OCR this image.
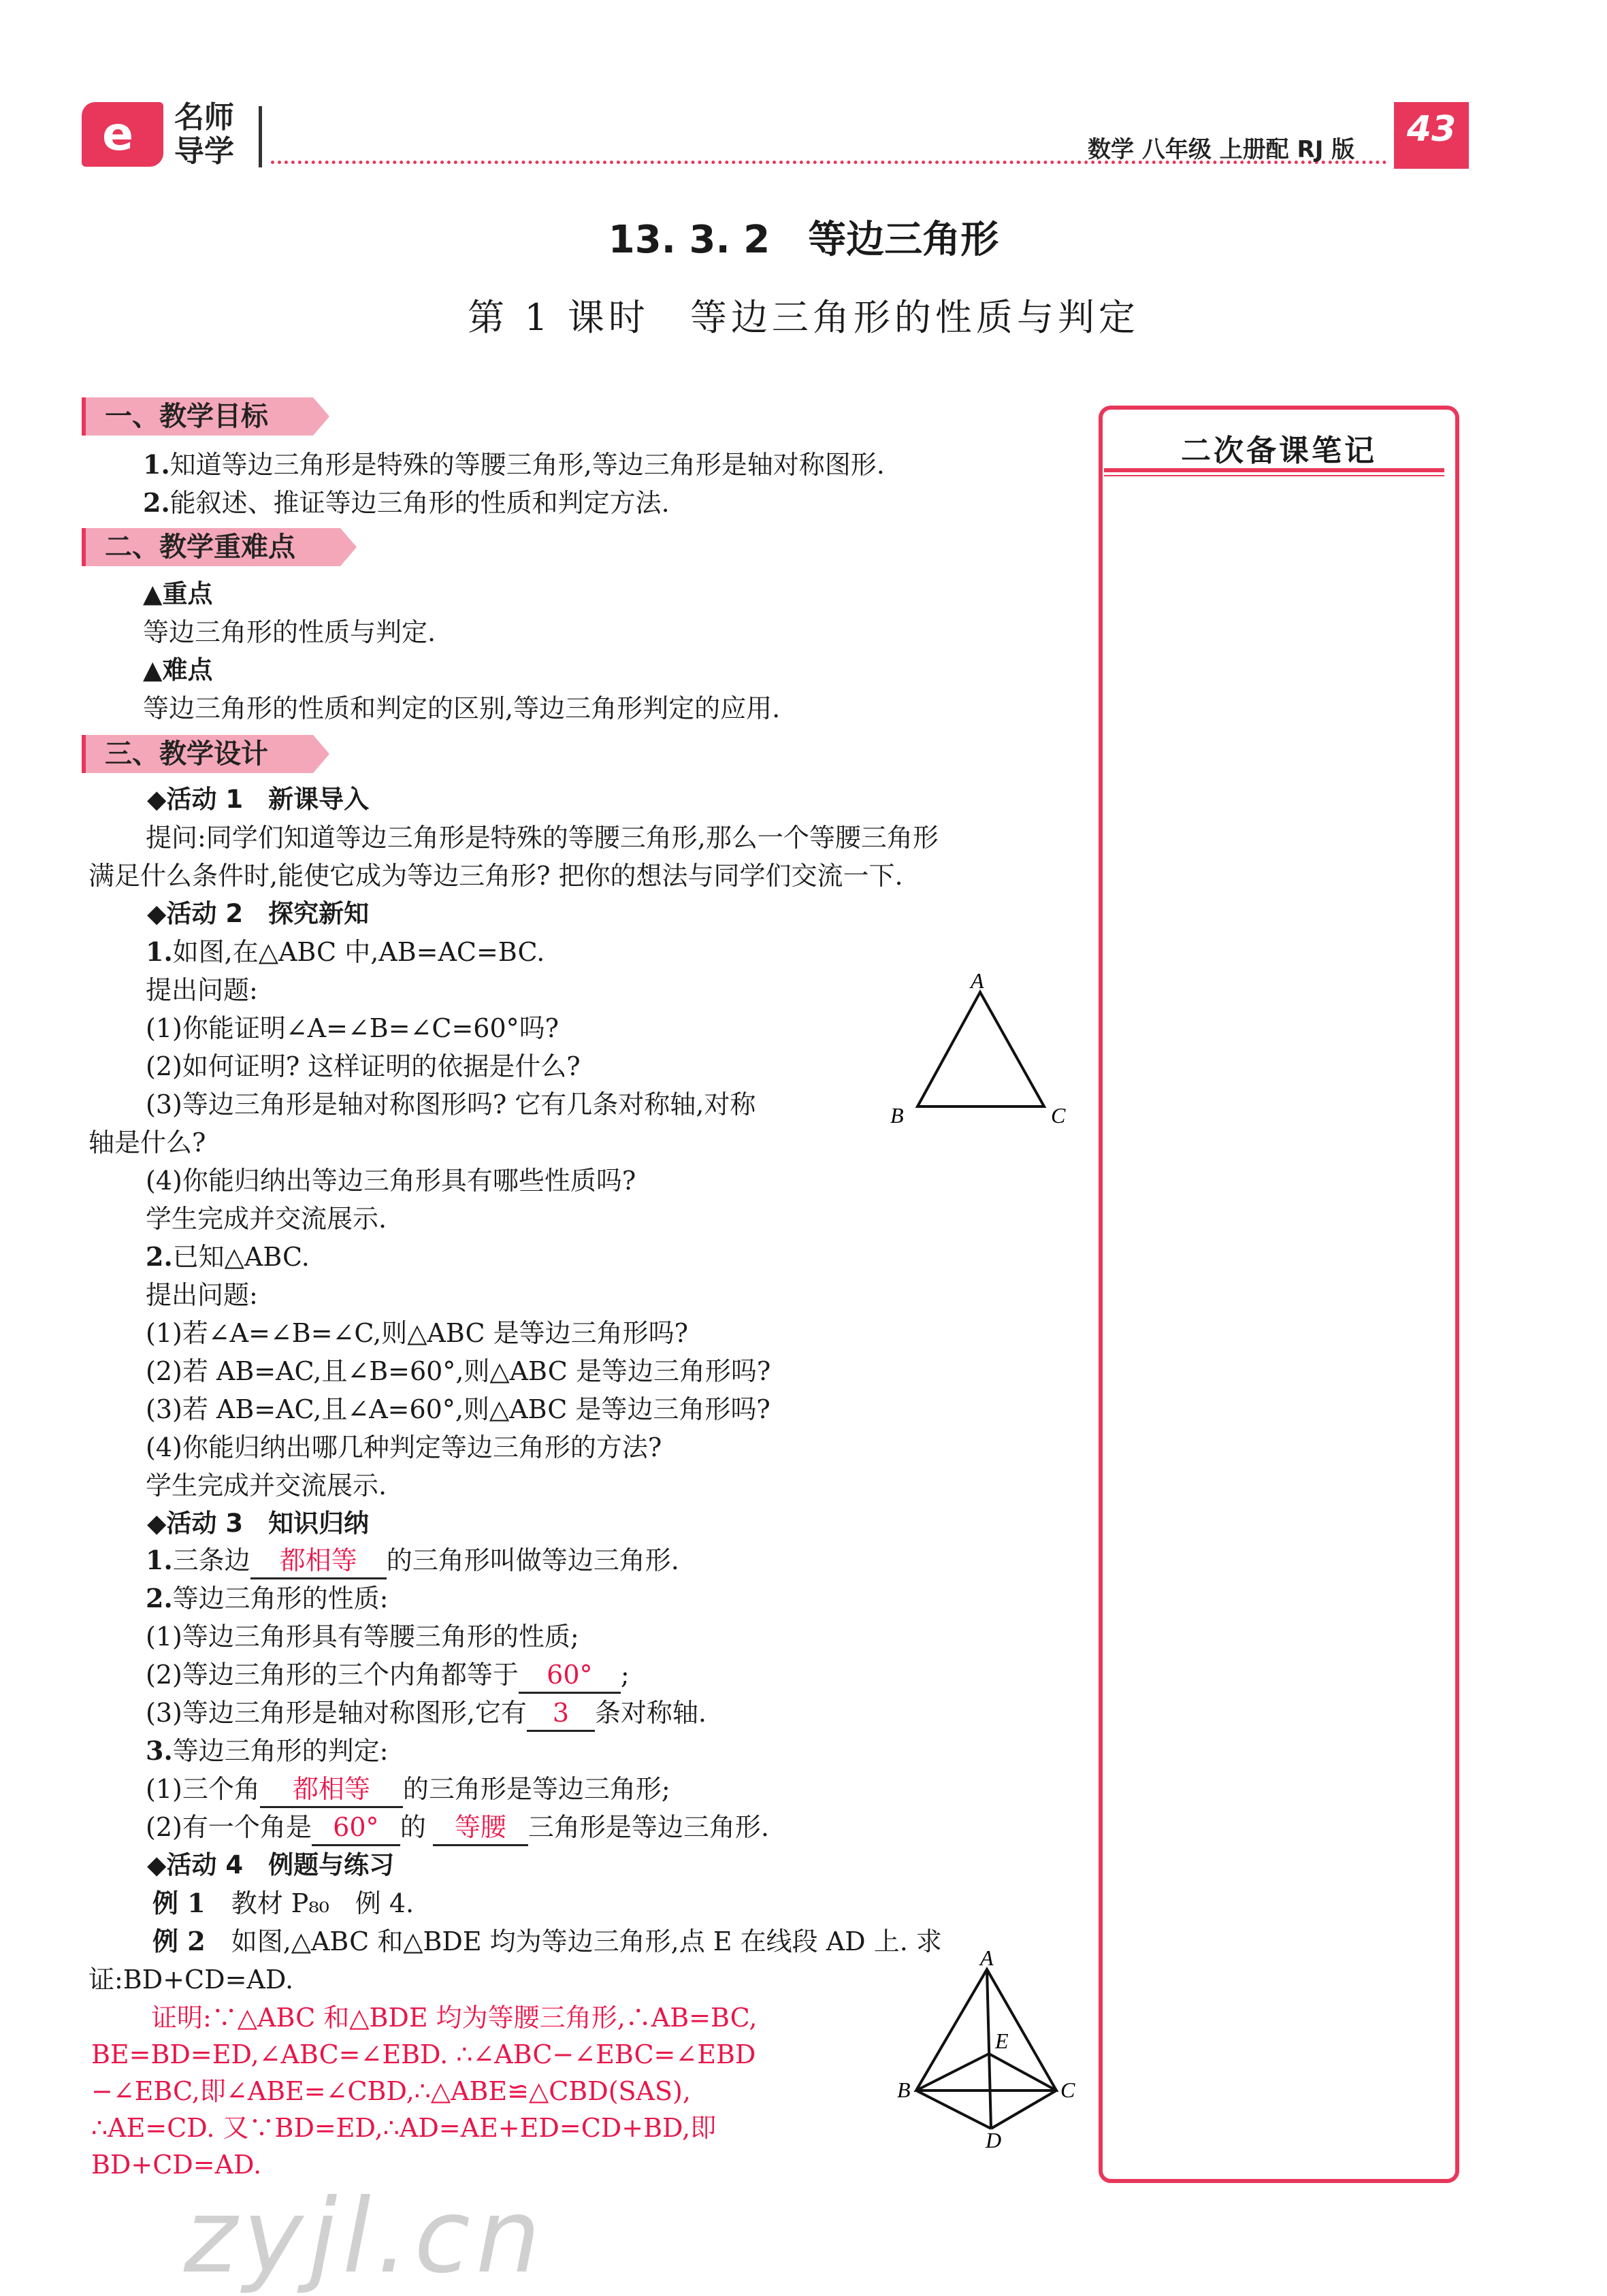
e 名师
导学	数学 八年级 上册配 RJ 版	43
13. 3. 2　等边三角形
第 1 课时　等边三角形的性质与判定
一、教学目标
1.知道等边三角形是特殊的等腰三角形,等边三角形是轴对称图形.
2.能叙述、推证等边三角形的性质和判定方法.
二、教学重难点
▲重点
等边三角形的性质与判定.
▲难点
等边三角形的性质和判定的区别,等边三角形判定的应用.
三、教学设计
◆活动 1　新课导入
提问:同学们知道等边三角形是特殊的等腰三角形,那么一个等腰三角形
满足什么条件时,能使它成为等边三角形? 把你的想法与同学们交流一下.
◆活动 2　探究新知
1.如图,在△ABC 中,AB=AC=BC.
提出问题:
(1)你能证明∠A=∠B=∠C=60°吗?
(2)如何证明? 这样证明的依据是什么?
(3)等边三角形是轴对称图形吗? 它有几条对称轴,对称
轴是什么?
(4)你能归纳出等边三角形具有哪些性质吗?
学生完成并交流展示.
2.已知△ABC.
提出问题:
(1)若∠A=∠B=∠C,则△ABC 是等边三角形吗?
(2)若 AB=AC,且∠B=60°,则△ABC 是等边三角形吗?
(3)若 AB=AC,且∠A=60°,则△ABC 是等边三角形吗?
(4)你能归纳出哪几种判定等边三角形的方法?
学生完成并交流展示.
A
B	C
◆活动 3　知识归纳
1.三条边 都相等 的三角形叫做等边三角形.
2.等边三角形的性质:
(1)等边三角形具有等腰三角形的性质;
(2)等边三角形的三个内角都等于 60° ;
(3)等边三角形是轴对称图形,它有 3 条对称轴.
3.等边三角形的判定:
(1)三个角 都相等 的三角形是等边三角形;
(2)有一个角是 60° 的 等腰 三角形是等边三角形.
◆活动 4　例题与练习
例 1　 教材 P₈₀　例 4.
例 2　 如图,△ABC 和△BDE 均为等边三角形,点 E 在线段 AD 上. 求
证:BD+CD=AD.
证明:∵△ABC 和△BDE 均为等腰三角形,∴AB=BC,
BE=BD=ED,∠ABC=∠EBD. ∴∠ABC−∠EBC=∠EBD
−∠EBC,即∠ABE=∠CBD,∴△ABE≌△CBD(SAS),
∴AE=CD. 又∵BD=ED,∴AD=AE+ED=CD+BD,即
BD+CD=AD.
A
B	C
D
E
二次备课笔记
zyjl.cn
